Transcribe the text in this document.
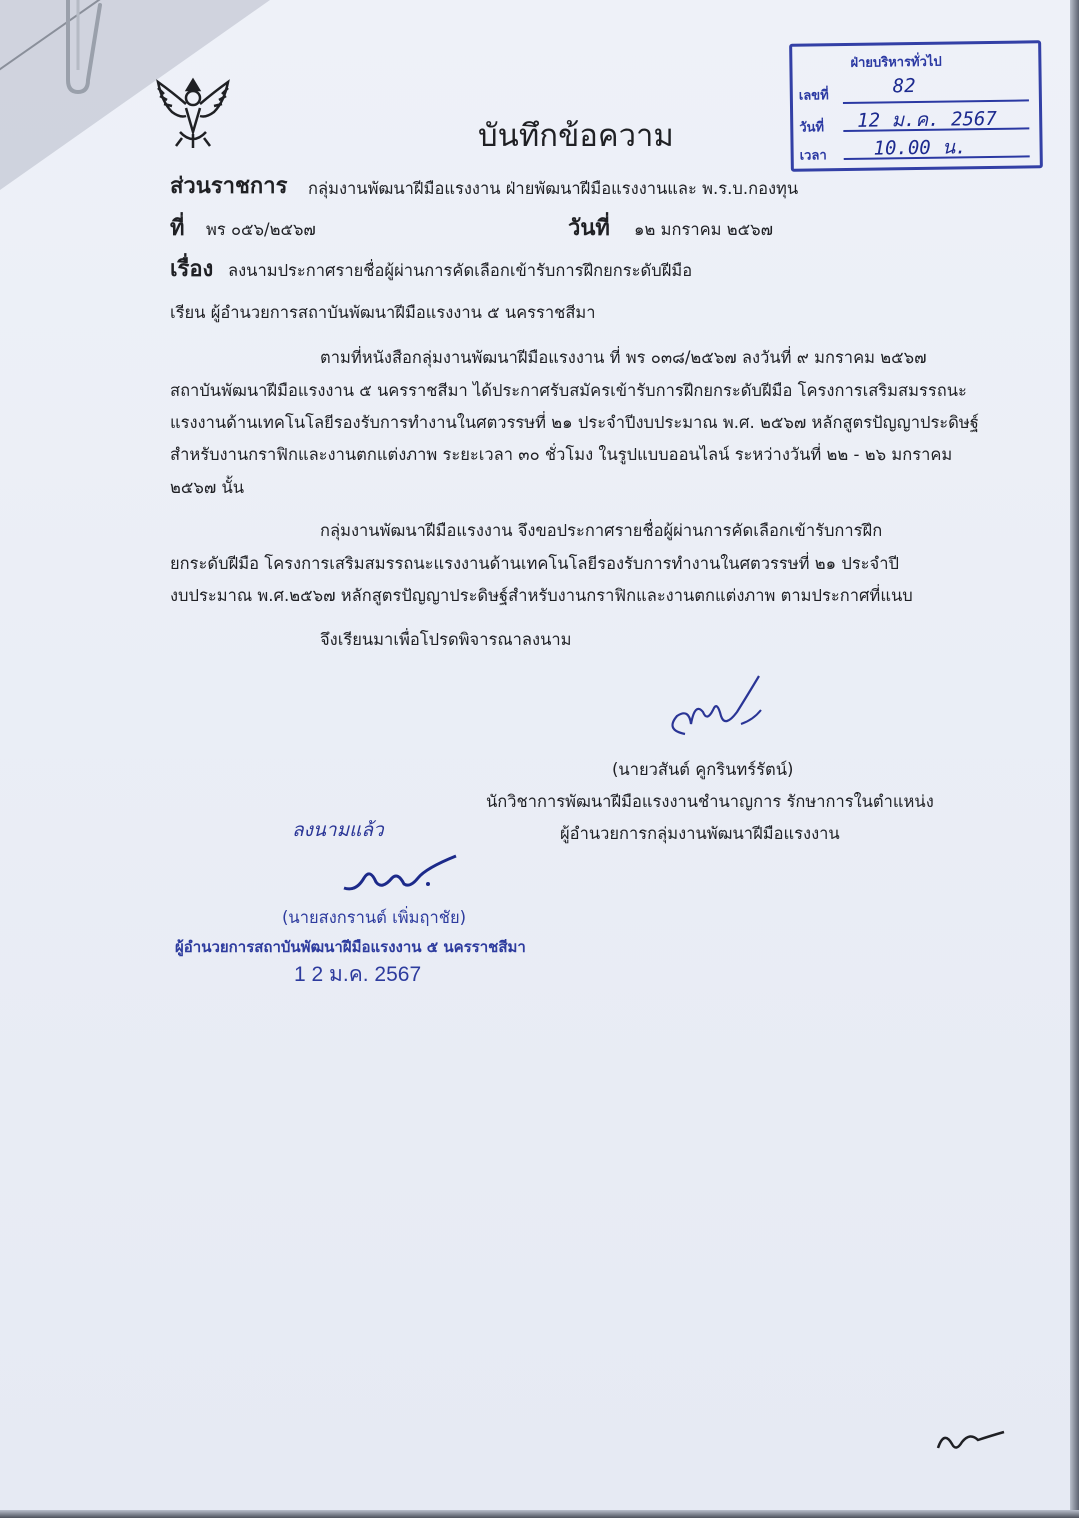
บันทึกข้อความ
ฝ่ายบริหารทั่วไป
เลขที่	82
วันที่ 12 ม.ค. 2567
เวลา 10.00 น.
ส่วนราชการ กลุ่มงานพัฒนาฝีมือแรงงาน ฝ่ายพัฒนาฝีมือแรงงานและ พ.ร.บ.กองทุน
ที่ พร ๐๕๖/๒๕๖๗	วันที่ ๑๒ มกราคม ๒๕๖๗
เรื่อง ลงนามประกาศรายชื่อผู้ผ่านการคัดเลือกเข้ารับการฝึกยกระดับฝีมือ
เรียน ผู้อำนวยการสถาบันพัฒนาฝีมือแรงงาน ๕ นครราชสีมา
ตามที่หนังสือกลุ่มงานพัฒนาฝีมือแรงงาน ที่ พร ๐๓๘/๒๕๖๗ ลงวันที่ ๙ มกราคม ๒๕๖๗
สถาบันพัฒนาฝีมือแรงงาน ๕ นครราชสีมา ได้ประกาศรับสมัครเข้ารับการฝึกยกระดับฝีมือ โครงการเสริมสมรรถนะ
แรงงานด้านเทคโนโลยีรองรับการทำงานในศตวรรษที่ ๒๑ ประจำปีงบประมาณ พ.ศ. ๒๕๖๗ หลักสูตรปัญญาประดิษฐ์
สำหรับงานกราฟิกและงานตกแต่งภาพ ระยะเวลา ๓๐ ชั่วโมง ในรูปแบบออนไลน์ ระหว่างวันที่ ๒๒ - ๒๖ มกราคม
๒๕๖๗ นั้น
กลุ่มงานพัฒนาฝีมือแรงงาน จึงขอประกาศรายชื่อผู้ผ่านการคัดเลือกเข้ารับการฝึก
ยกระดับฝีมือ โครงการเสริมสมรรถนะแรงงานด้านเทคโนโลยีรองรับการทำงานในศตวรรษที่ ๒๑ ประจำปี
งบประมาณ พ.ศ.๒๕๖๗ หลักสูตรปัญญาประดิษฐ์สำหรับงานกราฟิกและงานตกแต่งภาพ ตามประกาศที่แนบ
จึงเรียนมาเพื่อโปรดพิจารณาลงนาม
(นายวสันต์ คูกรินทร์รัตน์)
นักวิชาการพัฒนาฝีมือแรงงานชำนาญการ รักษาการในตำแหน่ง
ผู้อำนวยการกลุ่มงานพัฒนาฝีมือแรงงาน
ลงนามแล้ว
(นายสงกรานต์ เพิ่มฤาชัย)
ผู้อำนวยการสถาบันพัฒนาฝีมือแรงงาน ๕ นครราชสีมา
1 2 ม.ค. 2567
